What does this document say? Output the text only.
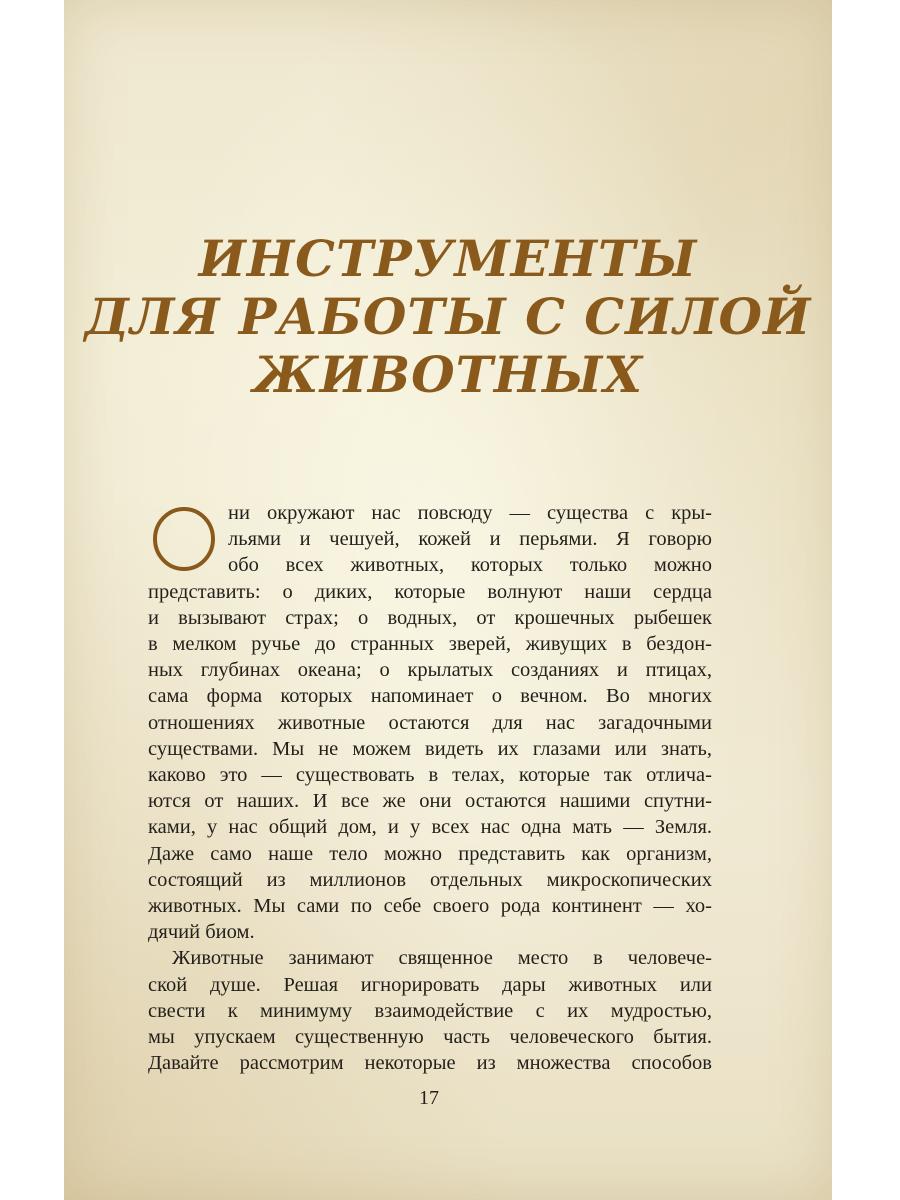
ИНСТРУМЕНТЫ
ДЛЯ РАБОТЫ С СИЛОЙ
ЖИВОТНЫХ
О	ни окружают нас повсюду — существа с кры-
льями и чешуей, кожей и перьями. Я говорю
обо всех животных, которых только можно
представить: о диких, которые волнуют наши сердца
и вызывают страх; о водных, от крошечных рыбешек
в мелком ручье до странных зверей, живущих в бездон-
ных глубинах океана; о крылатых созданиях и птицах,
сама форма которых напоминает о вечном. Во многих
отношениях животные остаются для нас загадочными
существами. Мы не можем видеть их глазами или знать,
каково это — существовать в телах, которые так отлича-
ются от наших. И все же они остаются нашими спутни-
ками, у нас общий дом, и у всех нас одна мать — Земля.
Даже само наше тело можно представить как организм,
состоящий из миллионов отдельных микроскопических
животных. Мы сами по себе своего рода континент — хо-
дячий биом.
Животные занимают священное место в человече-
ской душе. Решая игнорировать дары животных или
свести к минимуму взаимодействие с их мудростью,
мы упускаем существенную часть человеческого бытия.
Давайте рассмотрим некоторые из множества способов
17
